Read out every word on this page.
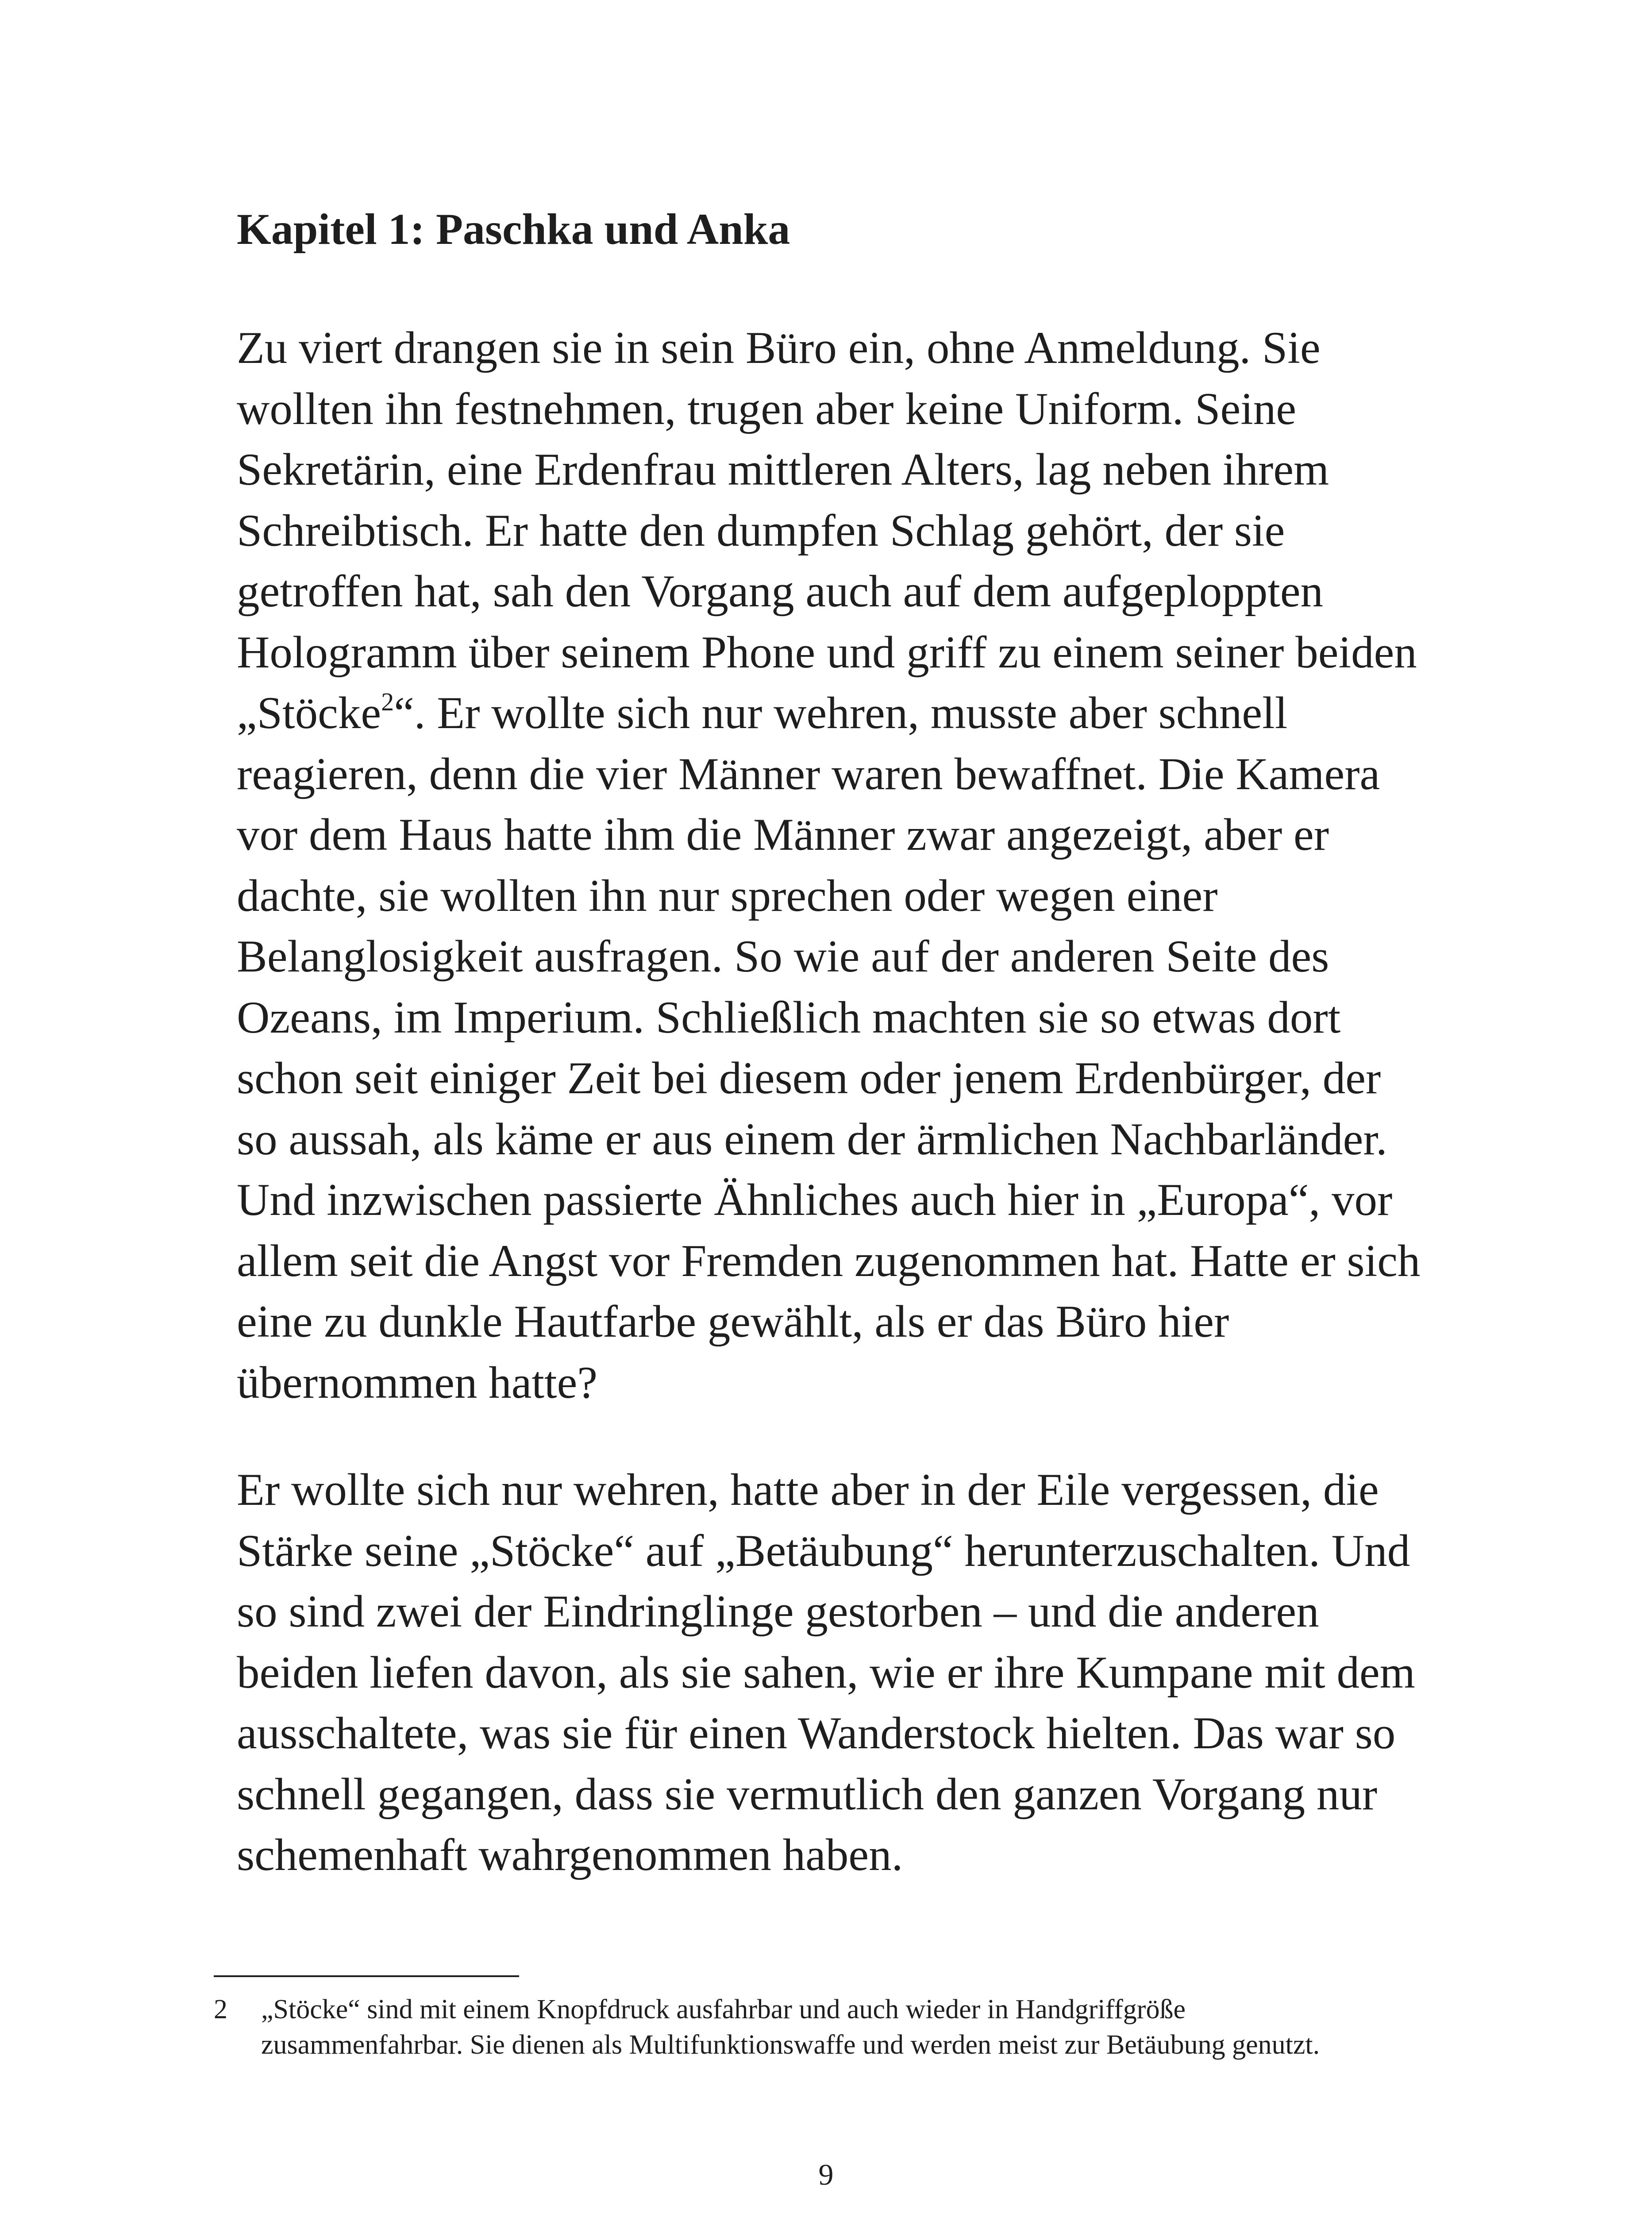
Kapitel 1: Paschka und Anka
Zu viert drangen sie in sein Büro ein, ohne Anmeldung. Sie
wollten ihn festnehmen, trugen aber keine Uniform. Seine
Sekretärin, eine Erdenfrau mittleren Alters, lag neben ihrem
Schreibtisch. Er hatte den dumpfen Schlag gehört, der sie
getroffen hat, sah den Vorgang auch auf dem aufgeploppten
Hologramm über seinem Phone und griff zu einem seiner beiden
„Stöcke$^2$“. Er wollte sich nur wehren, musste aber schnell
reagieren, denn die vier Männer waren bewaffnet. Die Kamera
vor dem Haus hatte ihm die Männer zwar angezeigt, aber er
dachte, sie wollten ihn nur sprechen oder wegen einer
Belanglosigkeit ausfragen. So wie auf der anderen Seite des
Ozeans, im Imperium. Schließlich machten sie so etwas dort
schon seit einiger Zeit bei diesem oder jenem Erdenbürger, der
so aussah, als käme er aus einem der ärmlichen Nachbarländer.
Und inzwischen passierte Ähnliches auch hier in „Europa“, vor
allem seit die Angst vor Fremden zugenommen hat. Hatte er sich
eine zu dunkle Hautfarbe gewählt, als er das Büro hier
übernommen hatte?
Er wollte sich nur wehren, hatte aber in der Eile vergessen, die
Stärke seine „Stöcke“ auf „Betäubung“ herunterzuschalten. Und
so sind zwei der Eindringlinge gestorben – und die anderen
beiden liefen davon, als sie sahen, wie er ihre Kumpane mit dem
ausschaltete, was sie für einen Wanderstock hielten. Das war so
schnell gegangen, dass sie vermutlich den ganzen Vorgang nur
schemenhaft wahrgenommen haben.
2 „Stöcke“ sind mit einem Knopfdruck ausfahrbar und auch wieder in Handgriffgröße
zusammenfahrbar. Sie dienen als Multifunktionswaffe und werden meist zur Betäubung genutzt.
9
